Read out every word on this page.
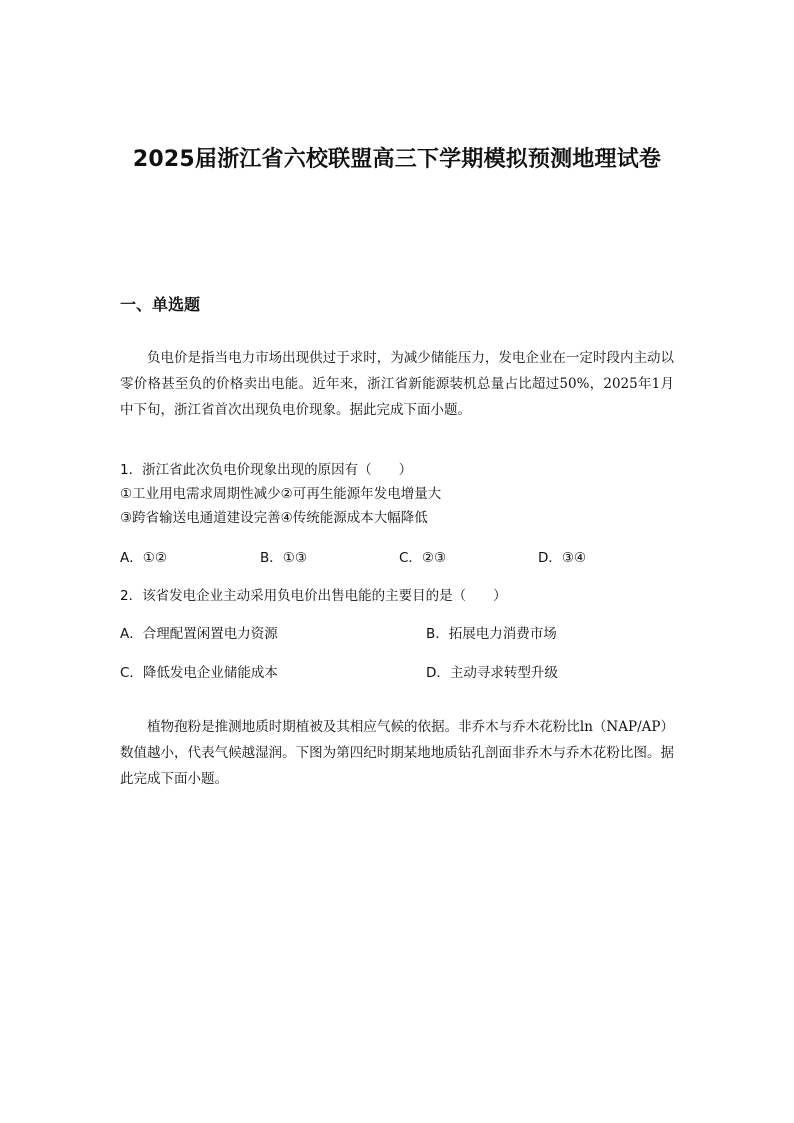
2025届浙江省六校联盟高三下学期模拟预测地理试卷
一、单选题
负电价是指当电力市场出现供过于求时，为减少储能压力，发电企业在一定时段内主动以零价格甚至负的价格卖出电能。近年来，浙江省新能源装机总量占比超过50%，2025年1月中下旬，浙江省首次出现负电价现象。据此完成下面小题。
1．浙江省此次负电价现象出现的原因有（　　）
①工业用电需求周期性减少②可再生能源年发电增量大
③跨省输送电通道建设完善④传统能源成本大幅降低
A．①②	B．①③	C．②③	D．③④
2．该省发电企业主动采用负电价出售电能的主要目的是（　　）
A．合理配置闲置电力资源	B．拓展电力消费市场
C．降低发电企业储能成本	D．主动寻求转型升级
植物孢粉是推测地质时期植被及其相应气候的依据。非乔木与乔木花粉比ln（NAP/AP）数值越小，代表气候越湿润。下图为第四纪时期某地地质钻孔剖面非乔木与乔木花粉比图。据此完成下面小题。
